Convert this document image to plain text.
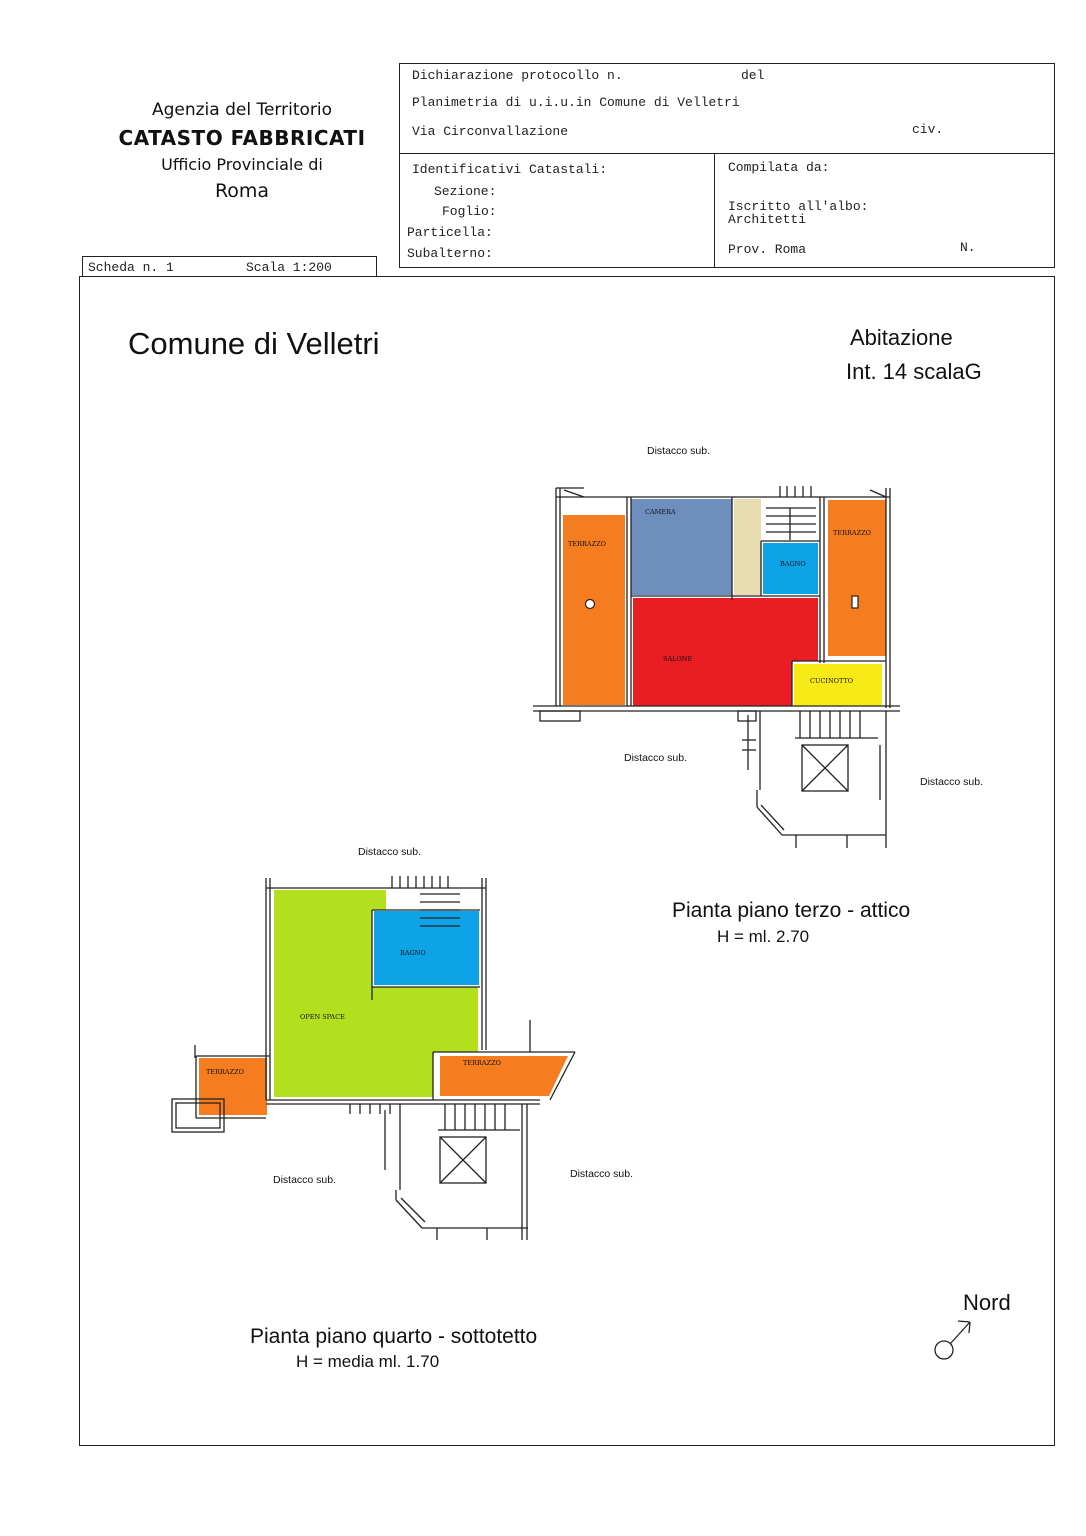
Agenzia del Territorio
CATASTO FABBRICATI
Ufficio Provinciale di
Roma
Dichiarazione protocollo n.	del
Planimetria di u.i.u.in Comune di Velletri
Via Circonvallazione	civ.
Identificativi Catastali:
Sezione:
Foglio:
Particella:
Subalterno:
Compilata da:
Iscritto all'albo:
Architetti
Prov. Roma	N.
Scheda n. 1	Scala 1:200
Comune di Velletri	Abitazione
Int. 14 scalaG
TERRAZZO
CAMERA
BAGNO
TERRAZZO
SALONE
CUCINOTTO
Distacco sub.
Distacco sub.
Distacco sub.
Pianta piano terzo - attico
H = ml. 2.70
BAGNO
OPEN SPACE
TERRAZZO
TERRAZZO
Distacco sub.
Distacco sub.	Distacco sub.
Pianta piano quarto - sottotetto
H = media ml. 1.70
Nord
